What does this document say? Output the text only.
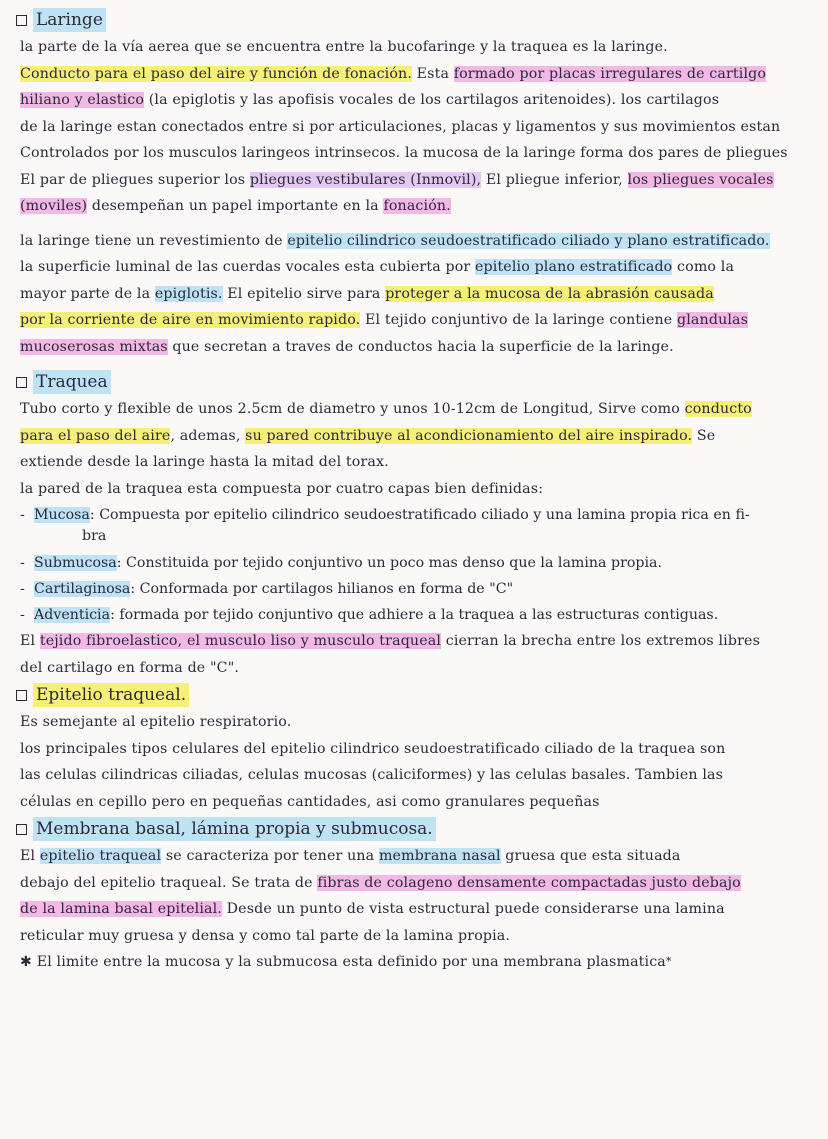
Laringe

la parte de la vía aerea que se encuentra entre la bucofaringe y la traquea es la laringe.

Conducto para el paso del aire y función de fonación. Esta formado por placas irregulares de cartilgo

hiliano y elastico (la epiglotis y las apofisis vocales de los cartilagos aritenoides). los cartilagos

de la laringe estan conectados entre si por articulaciones, placas y ligamentos y sus movimientos estan

Controlados por los musculos laringeos intrinsecos. la mucosa de la laringe forma dos pares de pliegues

El par de pliegues superior los pliegues vestibulares (Inmovil), El pliegue inferior, los pliegues vocales

(moviles) desempeñan un papel importante en la fonación.

la laringe tiene un revestimiento de epitelio cilindrico seudoestratificado ciliado y plano estratificado.

la superficie luminal de las cuerdas vocales esta cubierta por epitelio plano estratificado como la

mayor parte de la epiglotis. El epitelio sirve para proteger a la mucosa de la abrasión causada

por la corriente de aire en movimiento rapido. El tejido conjuntivo de la laringe contiene glandulas

mucoserosas mixtas que secretan a traves de conductos hacia la superficie de la laringe.

Traquea

Tubo corto y flexible de unos 2.5cm de diametro y unos 10-12cm de Longitud, Sirve como conducto

para el paso del aire, ademas, su pared contribuye al acondicionamiento del aire inspirado. Se

extiende desde la laringe hasta la mitad del torax.

la pared de la traquea esta compuesta por cuatro capas bien definidas:

- Mucosa: Compuesta por epitelio cilindrico seudoestratificado ciliado y una lamina propia rica en fi-

bra

- Submucosa: Constituida por tejido conjuntivo un poco mas denso que la lamina propia.

- Cartilaginosa: Conformada por cartilagos hilianos en forma de "C"

- Adventicia: formada por tejido conjuntivo que adhiere a la traquea a las estructuras contiguas.

El tejido fibroelastico, el musculo liso y musculo traqueal cierran la brecha entre los extremos libres

del cartilago en forma de "C".

Epitelio traqueal.

Es semejante al epitelio respiratorio.

los principales tipos celulares del epitelio cilindrico seudoestratificado ciliado de la traquea son

las celulas cilindricas ciliadas, celulas mucosas (caliciformes) y las celulas basales. Tambien las

células en cepillo pero en pequeñas cantidades, asi como granulares pequeñas

Membrana basal, lámina propia y submucosa.

El epitelio traqueal se caracteriza por tener una membrana nasal gruesa que esta situada

debajo del epitelio traqueal. Se trata de fibras de colageno densamente compactadas justo debajo

de la lamina basal epitelial. Desde un punto de vista estructural puede considerarse una lamina

reticular muy gruesa y densa y como tal parte de la lamina propia.

✱ El limite entre la mucosa y la submucosa esta definido por una membrana plasmatica*
